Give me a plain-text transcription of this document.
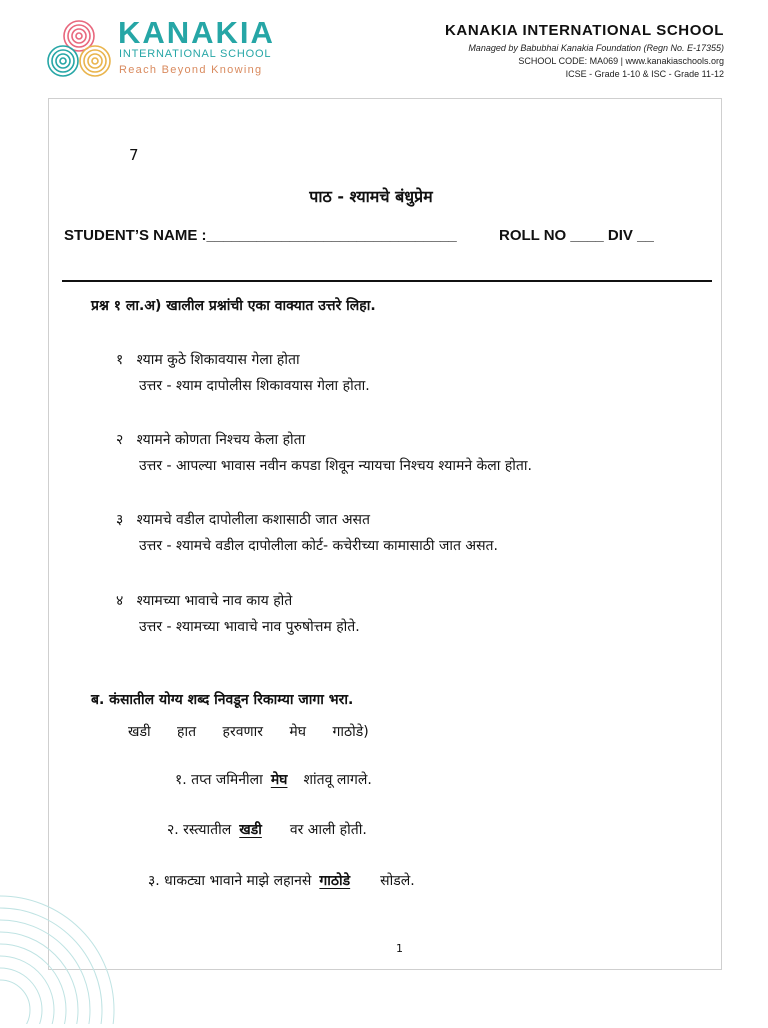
KANAKIA
INTERNATIONAL SCHOOL
Reach Beyond Knowing
KANAKIA INTERNATIONAL SCHOOL
Managed by Babubhai Kanakia Foundation (Regn No. E-17355)
SCHOOL CODE: MA069 | www.kanakiaschools.org
ICSE - Grade 1-10 & ISC - Grade 11-12
7
पाठ - श्यामचे बंधुप्रेम
STUDENT’S NAME :______________________________	ROLL NO ____ DIV __
प्रश्न १ ला.अ) खालील प्रश्नांची एका वाक्यात उत्तरे लिहा.
१ श्याम कुठे शिकावयास गेला होता
उत्तर - श्याम दापोलीस शिकावयास गेला होता.
२ श्यामने कोणता निश्चय केला होता
उत्तर - आपल्या भावास नवीन कपडा शिवून न्यायचा निश्चय श्यामने केला होता.
३ श्यामचे वडील दापोलीला कशासाठी जात असत
उत्तर - श्यामचे वडील दापोलीला कोर्ट- कचेरीच्या कामासाठी जात असत.
४ श्यामच्या भावाचे नाव काय होते
उत्तर - श्यामच्या भावाचे नाव पुरुषोत्तम होते.
ब. कंसातील योग्य शब्द निवडून रिकाम्या जागा भरा.
खडी हात हरवणार मेघ गाठोडे)
१. तप्त जमिनीला मेघ शांतवू लागले.
२. रस्त्यातील खडी वर आली होती.
३. धाकट्या भावाने माझे लहानसे गाठोडे सोडले.
1
